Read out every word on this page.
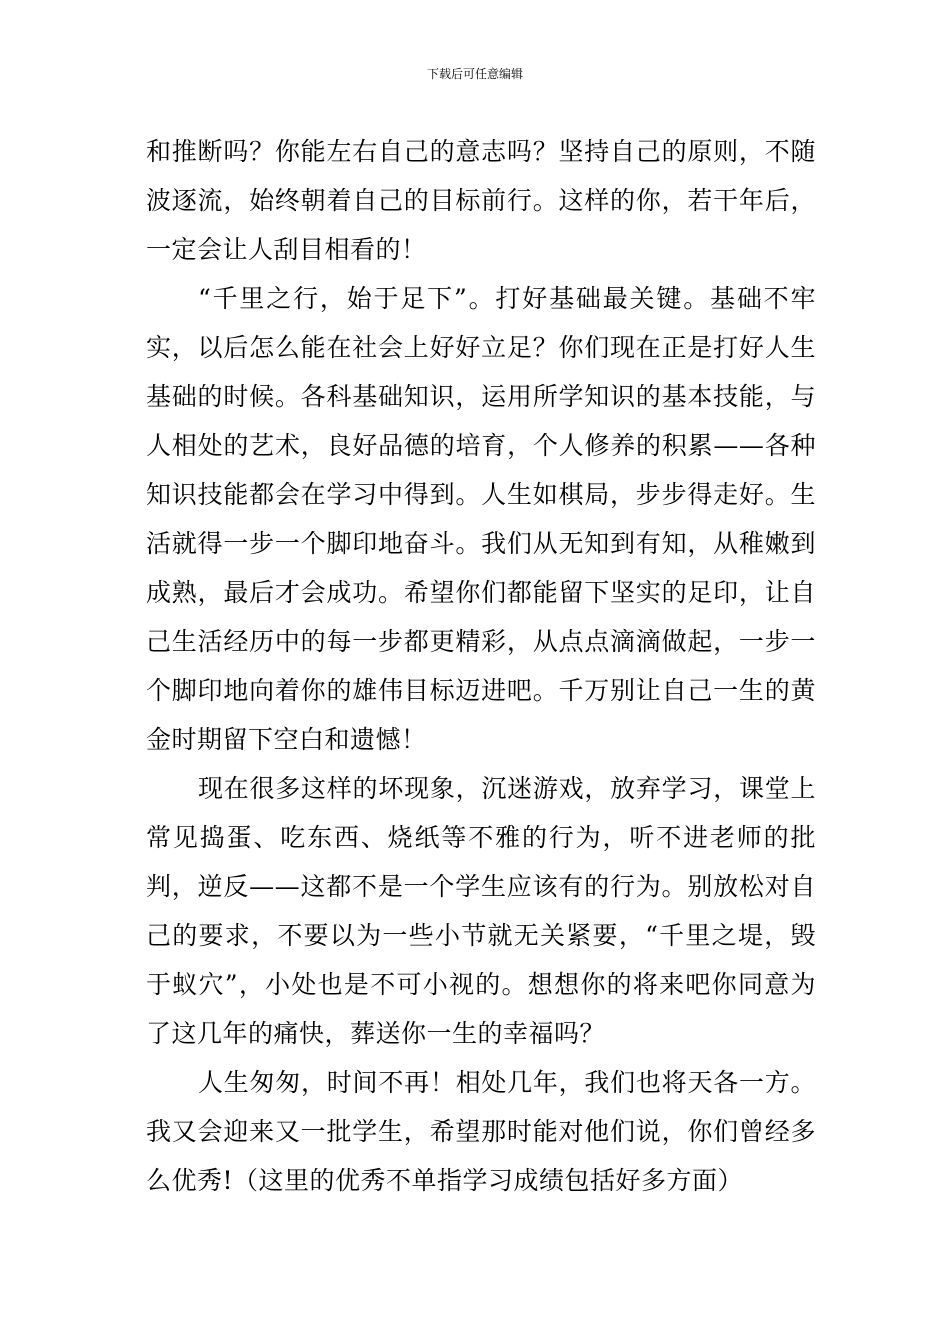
下载后可任意编辑

和推断吗？你能左右自己的意志吗？坚持自己的原则，不随波逐流，始终朝着自己的目标前行。这样的你，若干年后，一定会让人刮目相看的！

“千里之行，始于足下”。打好基础最关键。基础不牢实，以后怎么能在社会上好好立足？你们现在正是打好人生基础的时候。各科基础知识，运用所学知识的基本技能，与人相处的艺术，良好品德的培育，个人修养的积累——各种知识技能都会在学习中得到。人生如棋局，步步得走好。生活就得一步一个脚印地奋斗。我们从无知到有知，从稚嫩到成熟，最后才会成功。希望你们都能留下坚实的足印，让自己生活经历中的每一步都更精彩，从点点滴滴做起，一步一个脚印地向着你的雄伟目标迈进吧。千万别让自己一生的黄金时期留下空白和遗憾！

现在很多这样的坏现象，沉迷游戏，放弃学习，课堂上常见捣蛋、吃东西、烧纸等不雅的行为，听不进老师的批判，逆反——这都不是一个学生应该有的行为。别放松对自己的要求，不要以为一些小节就无关紧要，“千里之堤，毁于蚁穴”，小处也是不可小视的。想想你的将来吧你同意为了这几年的痛快，葬送你一生的幸福吗？

人生匆匆，时间不再！相处几年，我们也将天各一方。我又会迎来又一批学生，希望那时能对他们说，你们曾经多么优秀!（这里的优秀不单指学习成绩包括好多方面）
